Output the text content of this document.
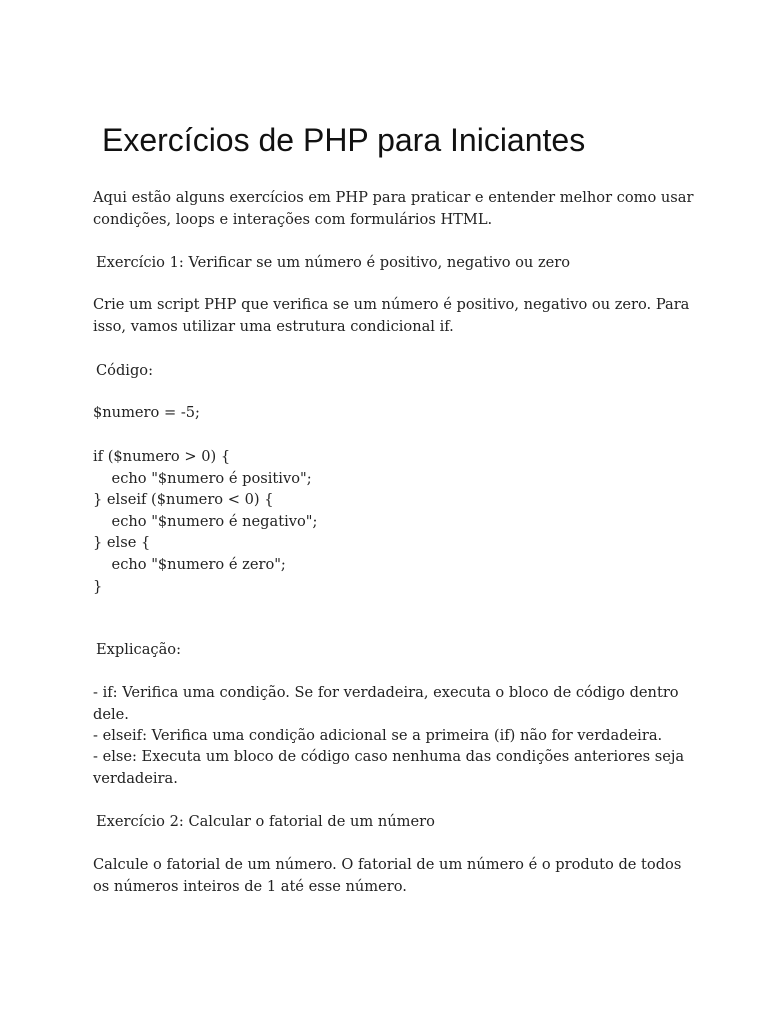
Exercícios de PHP para Iniciantes
Aqui estão alguns exercícios em PHP para praticar e entender melhor como usar
condições, loops e interações com formulários HTML.
Exercício 1: Verificar se um número é positivo, negativo ou zero
Crie um script PHP que verifica se um número é positivo, negativo ou zero. Para
isso, vamos utilizar uma estrutura condicional if.
Código:
$numero = -5;
if ($numero > 0) {
echo "$numero é positivo";
} elseif ($numero < 0) {
echo "$numero é negativo";
} else {
echo "$numero é zero";
}
Explicação:
- if: Verifica uma condição. Se for verdadeira, executa o bloco de código dentro
dele.
- elseif: Verifica uma condição adicional se a primeira (if) não for verdadeira.
- else: Executa um bloco de código caso nenhuma das condições anteriores seja
verdadeira.
Exercício 2: Calcular o fatorial de um número
Calcule o fatorial de um número. O fatorial de um número é o produto de todos
os números inteiros de 1 até esse número.
